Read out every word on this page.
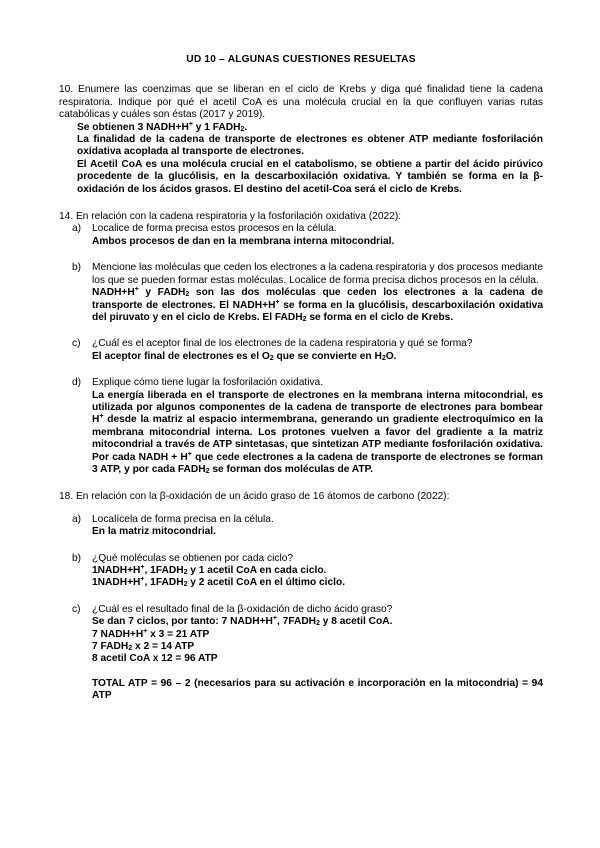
UD 10 – ALGUNAS CUESTIONES RESUELTAS

10. Enumere las coenzimas que se liberan en el ciclo de Krebs y diga qué finalidad tiene la cadena respiratoria. Indique por qué el acetil CoA es una molécula crucial en la que confluyen varias rutas catabólicas y cuáles son éstas (2017 y 2019).

Se obtienen 3 NADH+H+ y 1 $FADH_2$.

La finalidad de la cadena de transporte de electrones es obtener ATP mediante fosforilación oxidativa acoplada al transporte de electrones.

El Acetil CoA es una molécula crucial en el catabolismo, se obtiene a partir del ácido pirúvico procedente de la glucólisis, en la descarboxilación oxidativa. Y también se forma en la β-oxidación de los ácidos grasos. El destino del acetil-Coa será el ciclo de Krebs.

14. En relación con la cadena respiratoria y la fosforilación oxidativa (2022):

a) Localice de forma precisa estos procesos en la célula.

Ambos procesos de dan en la membrana interna mitocondrial.

b) Mencione las moléculas que ceden los electrones a la cadena respiratoria y dos procesos mediante los que se pueden formar estas moléculas. Localice de forma precisa dichos procesos en la célula.

NADH+H+ y $FADH_2$ son las dos moléculas que ceden los electrones a la cadena de transporte de electrones. El NADH+H+ se forma en la glucólisis, descarboxilación oxidativa del piruvato y en el ciclo de Krebs. El $FADH_2$ se forma en el ciclo de Krebs.

c) ¿Cuál es el aceptor final de los electrones de la cadena respiratoria y qué se forma?

El aceptor final de electrones es el $O_2$ que se convierte en $H_2O$.

d) Explique cómo tiene lugar la fosforilación oxidativa.

La energía liberada en el transporte de electrones en la membrana interna mitocondrial, es utilizada por algunos componentes de la cadena de transporte de electrones para bombear H+ desde la matriz al espacio intermembrana, generando un gradiente electroquímico en la membrana mitocondrial interna. Los protones vuelven a favor del gradiente a la matriz mitocondrial a través de ATP sintetasas, que sintetizan ATP mediante fosforilación oxidativa. Por cada NADH + H+ que cede electrones a la cadena de transporte de electrones se forman 3 ATP, y por cada $FADH_2$ se forman dos moléculas de ATP.

18. En relación con la β-oxidación de un ácido graso de 16 átomos de carbono (2022):

a) Localícela de forma precisa en la célula.

En la matriz mitocondrial.

b) ¿Qué moléculas se obtienen por cada ciclo?

1NADH+H+, $1FADH_2$ y 1 acetil CoA en cada ciclo.

1NADH+H+, $1FADH_2$ y 2 acetil CoA en el último ciclo.

c) ¿Cuál es el resultado final de la β-oxidación de dicho ácido graso?

Se dan 7 ciclos, por tanto: 7 NADH+H+, $7FADH_2$ y 8 acetil CoA.

7 NADH+H+ x 3 = 21 ATP

7 $FADH_2$ x 2 = 14 ATP

8 acetil CoA x 12 = 96 ATP

TOTAL ATP = 96 – 2 (necesarios para su activación e incorporación en la mitocondria) = 94 ATP
